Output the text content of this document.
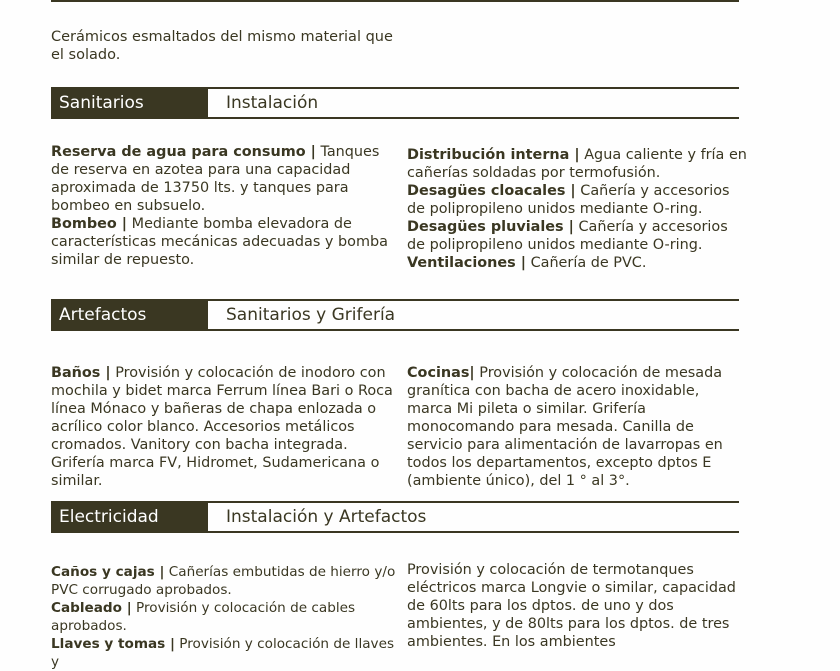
Cerámicos esmaltados del mismo material que el solado.
Sanitarios	Instalación

Reserva de agua para consumo | Tanques de reserva en azotea para una capacidad aproximada de 13750 lts. y tanques para bombeo en subsuelo.

Bombeo | Mediante bomba elevadora de características mecánicas adecuadas y bomba similar de repuesto.

Distribución interna | Agua caliente y fría en cañerías soldadas por termofusión.

Desagües cloacales | Cañería y accesorios de polipropileno unidos mediante O-ring.

Desagües pluviales | Cañería y accesorios de polipropileno unidos mediante O-ring.

Ventilaciones | Cañería de PVC.

Artefactos	Sanitarios y Grifería

Baños | Provisión y colocación de inodoro con mochila y bidet marca Ferrum línea Bari o Roca línea Mónaco y bañeras de chapa enlozada o acrílico color blanco. Accesorios metálicos cromados. Vanitory con bacha integrada. Grifería marca FV, Hidromet, Sudamericana o similar.

Cocinas| Provisión y colocación de mesada granítica con bacha de acero inoxidable, marca Mi pileta o similar. Grifería monocomando para mesada. Canilla de servicio para alimentación de lavarropas en todos los departamentos, excepto dptos E (ambiente único), del 1 ° al 3°.

Electricidad	Instalación y Artefactos

Caños y cajas | Cañerías embutidas de hierro y/o PVC corrugado aprobados.

Cableado | Provisión y colocación de cables aprobados.

Llaves y tomas | Provisión y colocación de llaves y

Provisión y colocación de termotanques eléctricos marca Longvie o similar, capacidad de 60lts para los dptos. de uno y dos ambientes, y de 80lts para los dptos. de tres ambientes. En los ambientes
